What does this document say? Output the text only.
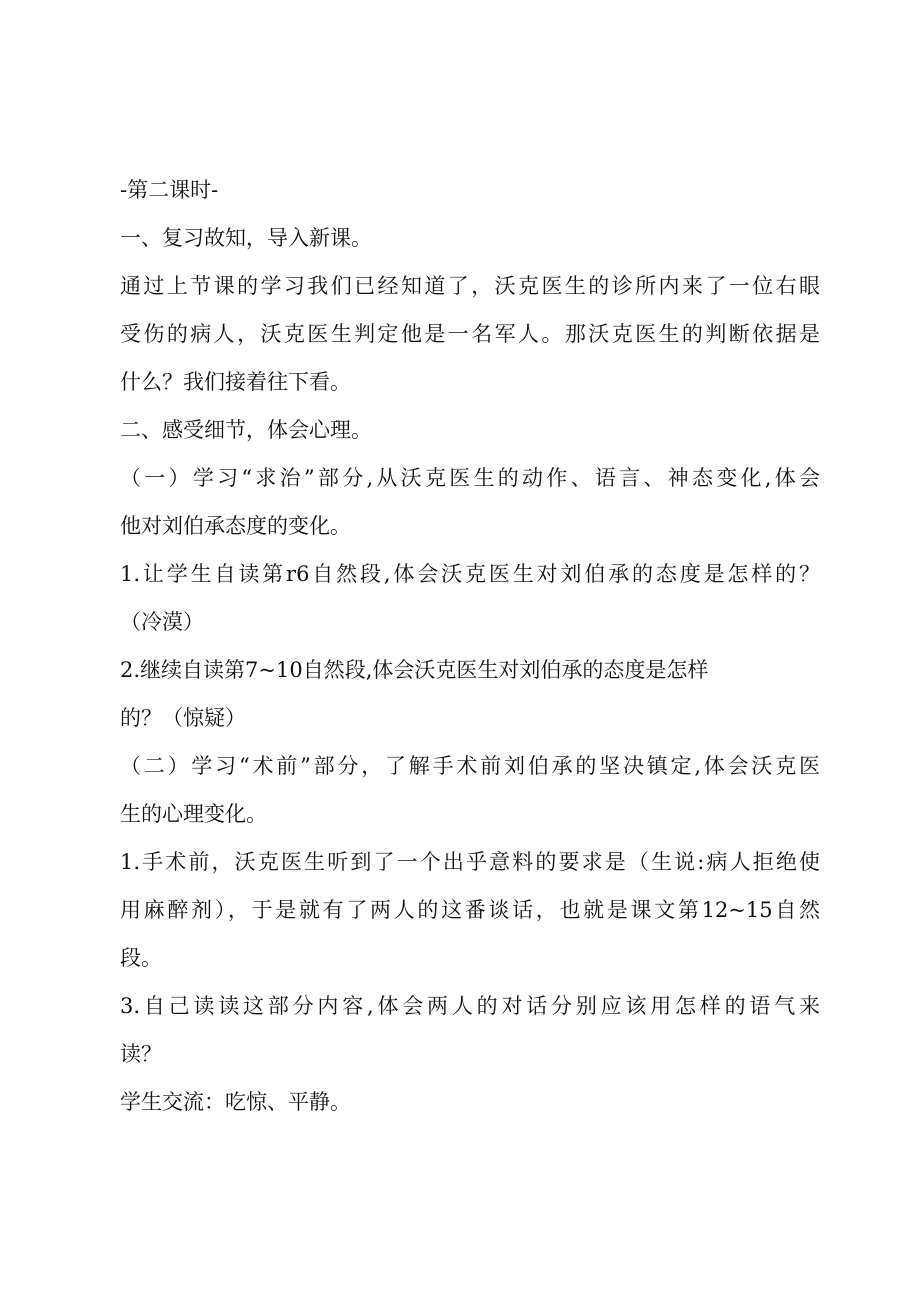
-第二课时-
一、复习故知，导入新课。
通过上节课的学习我们已经知道了，沃克医生的诊所内来了一位右眼
受伤的病人，沃克医生判定他是一名军人。那沃克医生的判断依据是
什么？我们接着往下看。
二、感受细节，体会心理。
（一）学习“求治”部分,从沃克医生的动作、语言、神态变化,体会
他对刘伯承态度的变化。
1.让学生自读第r6自然段,体会沃克医生对刘伯承的态度是怎样的？
（冷漠）
2.继续自读第7~10自然段,体会沃克医生对刘伯承的态度是怎样
的？（惊疑）
（二）学习“术前”部分，了解手术前刘伯承的坚决镇定,体会沃克医
生的心理变化。
1.手术前，沃克医生听到了一个出乎意料的要求是（生说:病人拒绝使
用麻醉剂），于是就有了两人的这番谈话，也就是课文第12~15自然
段。
3.自己读读这部分内容,体会两人的对话分别应该用怎样的语气来
读？
学生交流：吃惊、平静。
